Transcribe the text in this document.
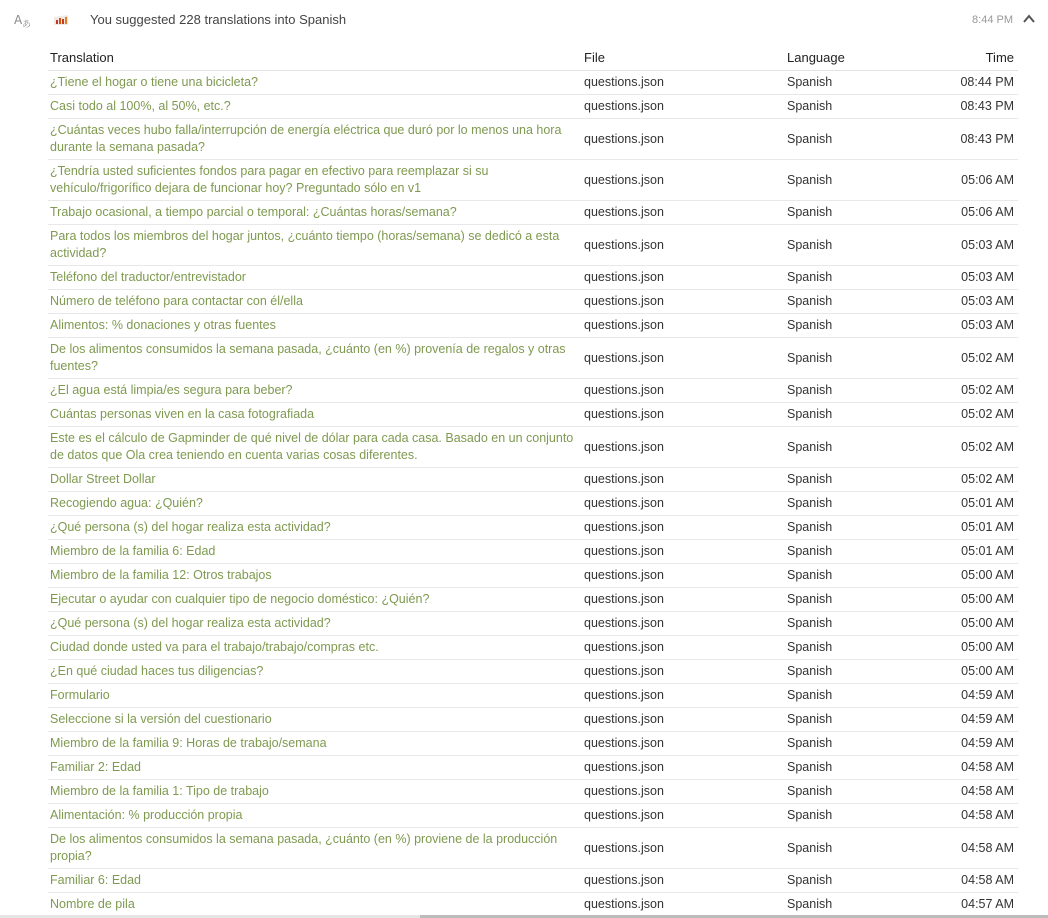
A あ	You suggested 228 translations into Spanish	8:44 PM
Translation	File	Language	Time
¿Tiene el hogar o tiene una bicicleta?	questions.json	Spanish	08:44 PM
Casi todo al 100%, al 50%, etc.?	questions.json	Spanish	08:43 PM
¿Cuántas veces hubo falla/interrupción de energía eléctrica que duró por lo menos una hora durante la semana pasada?	questions.json	Spanish	08:43 PM
¿Tendría usted suficientes fondos para pagar en efectivo para reemplazar si su vehículo/frigorífico dejara de funcionar hoy? Preguntado sólo en v1	questions.json	Spanish	05:06 AM
Trabajo ocasional, a tiempo parcial o temporal: ¿Cuántas horas/semana?	questions.json	Spanish	05:06 AM
Para todos los miembros del hogar juntos, ¿cuánto tiempo (horas/semana) se dedicó a esta actividad?	questions.json	Spanish	05:03 AM
Teléfono del traductor/entrevistador	questions.json	Spanish	05:03 AM
Número de teléfono para contactar con él/ella	questions.json	Spanish	05:03 AM
Alimentos: % donaciones y otras fuentes	questions.json	Spanish	05:03 AM
De los alimentos consumidos la semana pasada, ¿cuánto (en %) provenía de regalos y otras fuentes?	questions.json	Spanish	05:02 AM
¿El agua está limpia/es segura para beber?	questions.json	Spanish	05:02 AM
Cuántas personas viven en la casa fotografiada	questions.json	Spanish	05:02 AM
Este es el cálculo de Gapminder de qué nivel de dólar para cada casa. Basado en un conjunto de datos que Ola crea teniendo en cuenta varias cosas diferentes.	questions.json	Spanish	05:02 AM
Dollar Street Dollar	questions.json	Spanish	05:02 AM
Recogiendo agua: ¿Quién?	questions.json	Spanish	05:01 AM
¿Qué persona (s) del hogar realiza esta actividad?	questions.json	Spanish	05:01 AM
Miembro de la familia 6: Edad	questions.json	Spanish	05:01 AM
Miembro de la familia 12: Otros trabajos	questions.json	Spanish	05:00 AM
Ejecutar o ayudar con cualquier tipo de negocio doméstico: ¿Quién?	questions.json	Spanish	05:00 AM
¿Qué persona (s) del hogar realiza esta actividad?	questions.json	Spanish	05:00 AM
Ciudad donde usted va para el trabajo/trabajo/compras etc.	questions.json	Spanish	05:00 AM
¿En qué ciudad haces tus diligencias?	questions.json	Spanish	05:00 AM
Formulario	questions.json	Spanish	04:59 AM
Seleccione si la versión del cuestionario	questions.json	Spanish	04:59 AM
Miembro de la familia 9: Horas de trabajo/semana	questions.json	Spanish	04:59 AM
Familiar 2: Edad	questions.json	Spanish	04:58 AM
Miembro de la familia 1: Tipo de trabajo	questions.json	Spanish	04:58 AM
Alimentación: % producción propia	questions.json	Spanish	04:58 AM
De los alimentos consumidos la semana pasada, ¿cuánto (en %) proviene de la producción propia?	questions.json	Spanish	04:58 AM
Familiar 6: Edad	questions.json	Spanish	04:58 AM
Nombre de pila	questions.json	Spanish	04:57 AM
